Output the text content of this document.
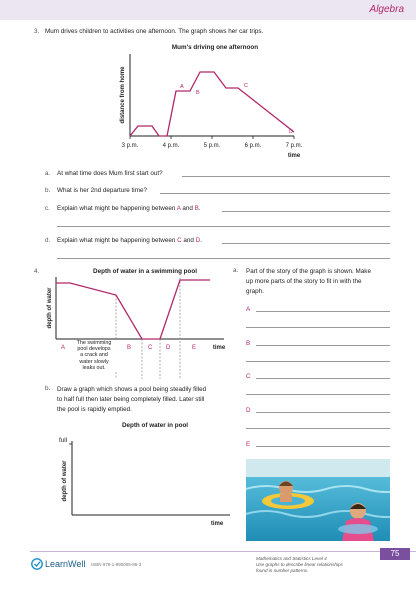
Algebra
3. Mum drives children to activities one afternoon. The graph shows her car trips.
Mum's driving one afternoon
distance from home	A
B
C
D
3 p.m.	4 p.m.	5 p.m.	6 p.m.	7 p.m.
time
a. At what time does Mum first start out?
b. What is her 2nd departure time?
c. Explain what might be happening between A and B.
d. Explain what might be happening between C and D.
4.	Depth of water in a swimming pool
depth of water
A	B	C D	E	time
The swimming
pool develops
a crack and
water slowly
leaks out.
a. Part of the story of the graph is shown. Make
up more parts of the story to fit in with the
graph.
A
B
C
D
E
b. Draw a graph which shows a pool being steadily filled
to half full then later being completely filled. Later still
the pool is rapidly emptied.
Depth of water in pool
full
depth of water
time
75
LearnWell ISBN 978-1-990005-86-3
Mathematics and Statistics Level 4
Use graphs to describe linear relationships
found in number patterns.
